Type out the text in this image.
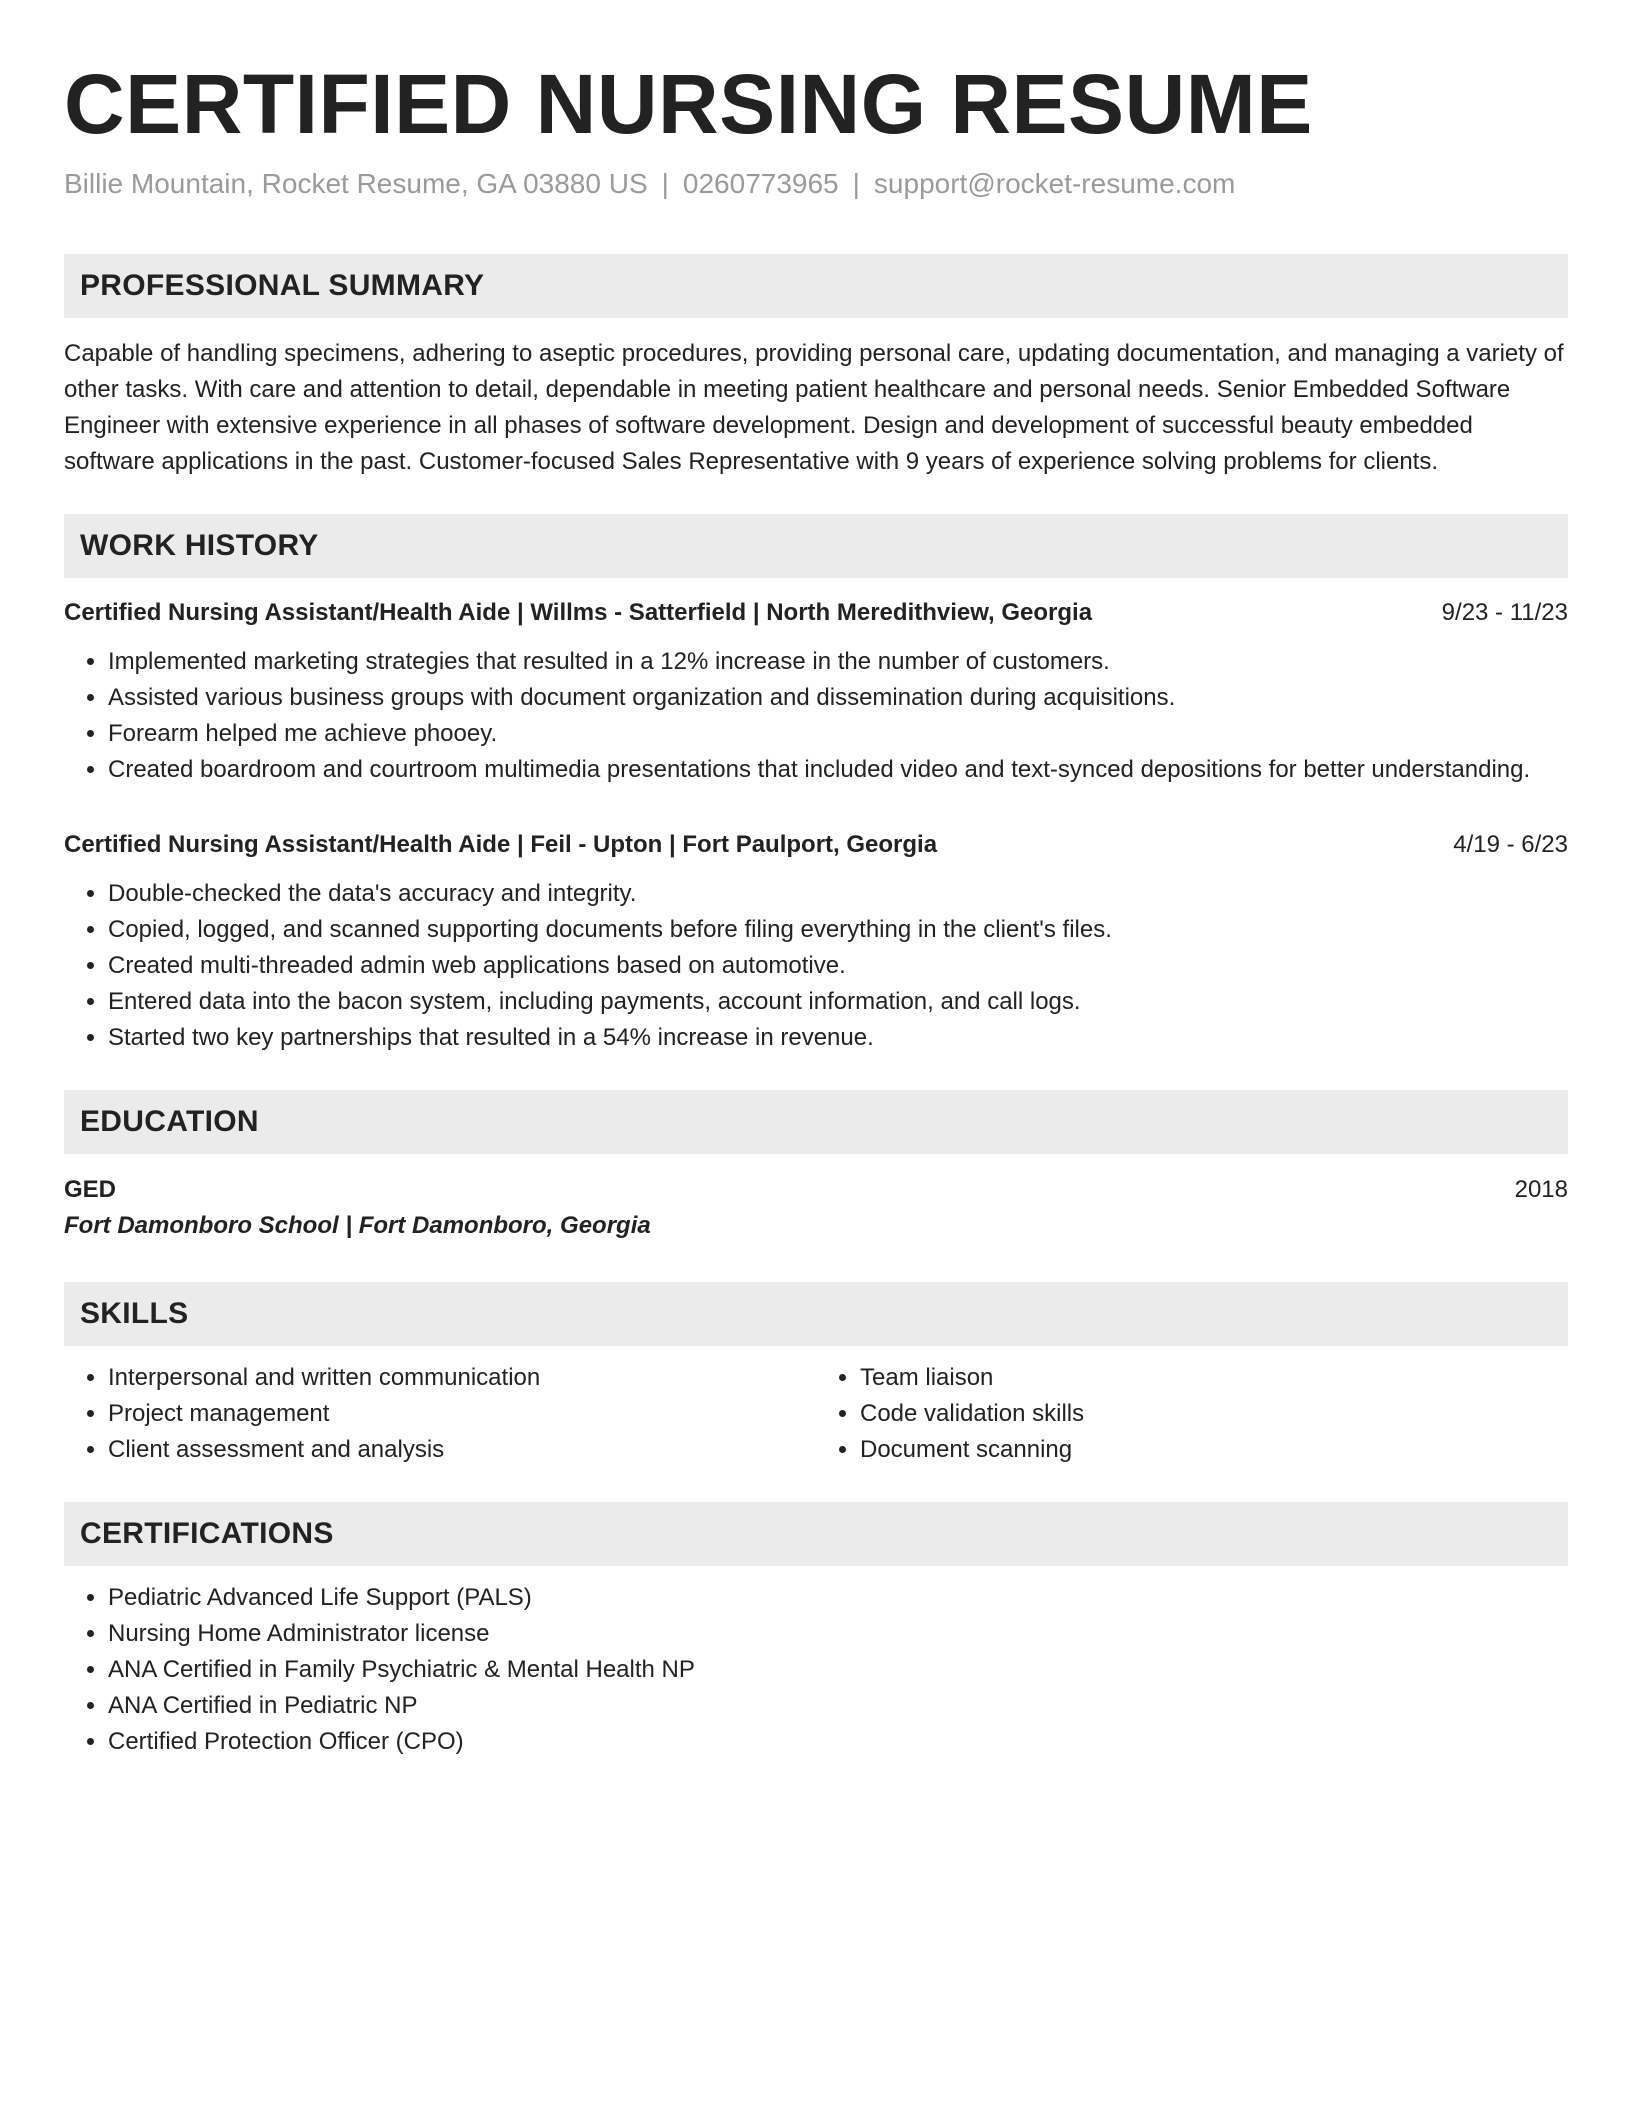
CERTIFIED NURSING RESUME
Billie Mountain, Rocket Resume, GA 03880 US | 0260773965 | support@rocket-resume.com
PROFESSIONAL SUMMARY

Capable of handling specimens, adhering to aseptic procedures, providing personal care, updating documentation, and managing a variety of other tasks. With care and attention to detail, dependable in meeting patient healthcare and personal needs. Senior Embedded Software Engineer with extensive experience in all phases of software development. Design and development of successful beauty embedded software applications in the past. Customer-focused Sales Representative with 9 years of experience solving problems for clients.

WORK HISTORY
Certified Nursing Assistant/Health Aide | Willms - Satterfield | North Meredithview, Georgia	9/23 - 11/23
• Implemented marketing strategies that resulted in a 12% increase in the number of customers.
• Assisted various business groups with document organization and dissemination during acquisitions.
• Forearm helped me achieve phooey.
• Created boardroom and courtroom multimedia presentations that included video and text-synced depositions for better understanding.
Certified Nursing Assistant/Health Aide | Feil - Upton | Fort Paulport, Georgia	4/19 - 6/23
• Double-checked the data's accuracy and integrity.
• Copied, logged, and scanned supporting documents before filing everything in the client's files.
• Created multi-threaded admin web applications based on automotive.
• Entered data into the bacon system, including payments, account information, and call logs.
• Started two key partnerships that resulted in a 54% increase in revenue.
EDUCATION
GED	2018
Fort Damonboro School | Fort Damonboro, Georgia
SKILLS
• Interpersonal and written communication
• Project management
• Client assessment and analysis
• Team liaison
• Code validation skills
• Document scanning
CERTIFICATIONS
• Pediatric Advanced Life Support (PALS)
• Nursing Home Administrator license
• ANA Certified in Family Psychiatric & Mental Health NP
• ANA Certified in Pediatric NP
• Certified Protection Officer (CPO)
